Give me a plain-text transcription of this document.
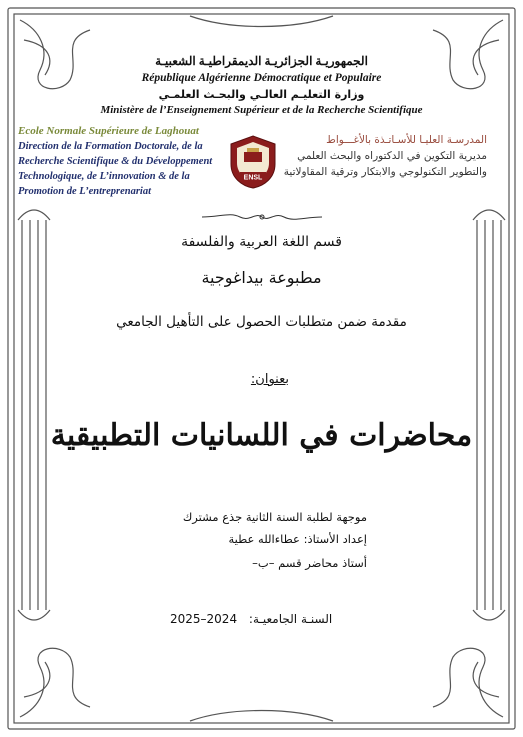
الجمهوريـة الجزائريـة الديمقراطيـة الشعبيـة
République Algérienne Démocratique et Populaire
وزارة التعليـم العالـي والبحـث العلمـي
Ministère de l’Enseignement Supérieur et de la Recherche Scientifique
Ecole Normale Supérieure de Laghouat
Direction de la Formation Doctorale, de la
Recherche Scientifique & du Développement
Technologique, de L’innovation & de la
Promotion de L’entreprenariat
ENSL
المدرسـة العليـا للأسـاتـذة بالأغـــواط
مديرية التكوين في الدكتوراه والبحث العلمي
والتطوير التكنولوجي والابتكار وترقية المقاولاتية
قسم اللغة العربية والفلسفة
مطبوعة بيداغوجية
مقدمة ضمن متطلبات الحصول على التأهيل الجامعي
بعنوان:
محاضرات في اللسانيات التطبيقية
موجهة لطلبة السنة الثانية جذع مشترك
إعداد الأستاذ: عطاءالله عطية
أستاذ محاضر قسم –ب–
السنـة الجامعيـة: 2025–2024
